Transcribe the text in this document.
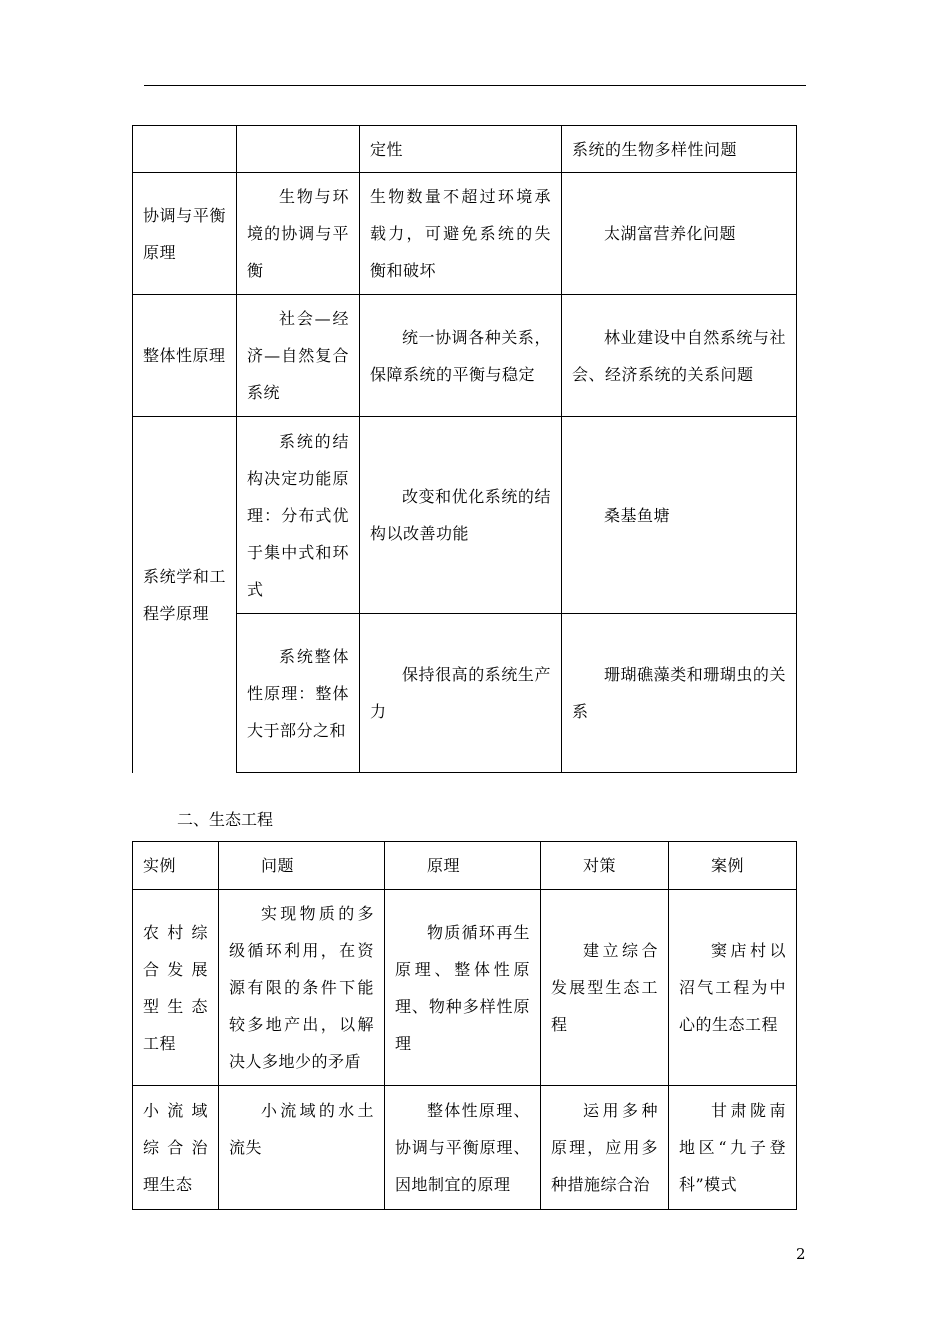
		定性	系统的生物多样性问题
协调与平衡原理	生物与环境的协调与平衡	生物数量不超过环境承载力，可避免系统的失衡和破坏	太湖富营养化问题
整体性原理	社会—经济—自然复合系统	统一协调各种关系，保障系统的平衡与稳定	林业建设中自然系统与社会、经济系统的关系问题
系统学和工程学原理	系统的结构决定功能原理：分布式优于集中式和环式	改变和优化系统的结构以改善功能	桑基鱼塘
	系统整体性原理：整体大于部分之和	保持很高的系统生产力	珊瑚礁藻类和珊瑚虫的关系
二、生态工程
实例	问题	原理	对策	案例
农村综合发展型生态工程	实现物质的多级循环利用，在资源有限的条件下能较多地产出，以解决人多地少的矛盾	物质循环再生原理、整体性原理、物种多样性原理	建立综合发展型生态工程	窦店村以沼气工程为中心的生态工程
小流域综合治理生态	小流域的水土流失	整体性原理、协调与平衡原理、因地制宜的原理	运用多种原理，应用多种措施综合治	甘肃陇南地区“九子登科”模式
2
